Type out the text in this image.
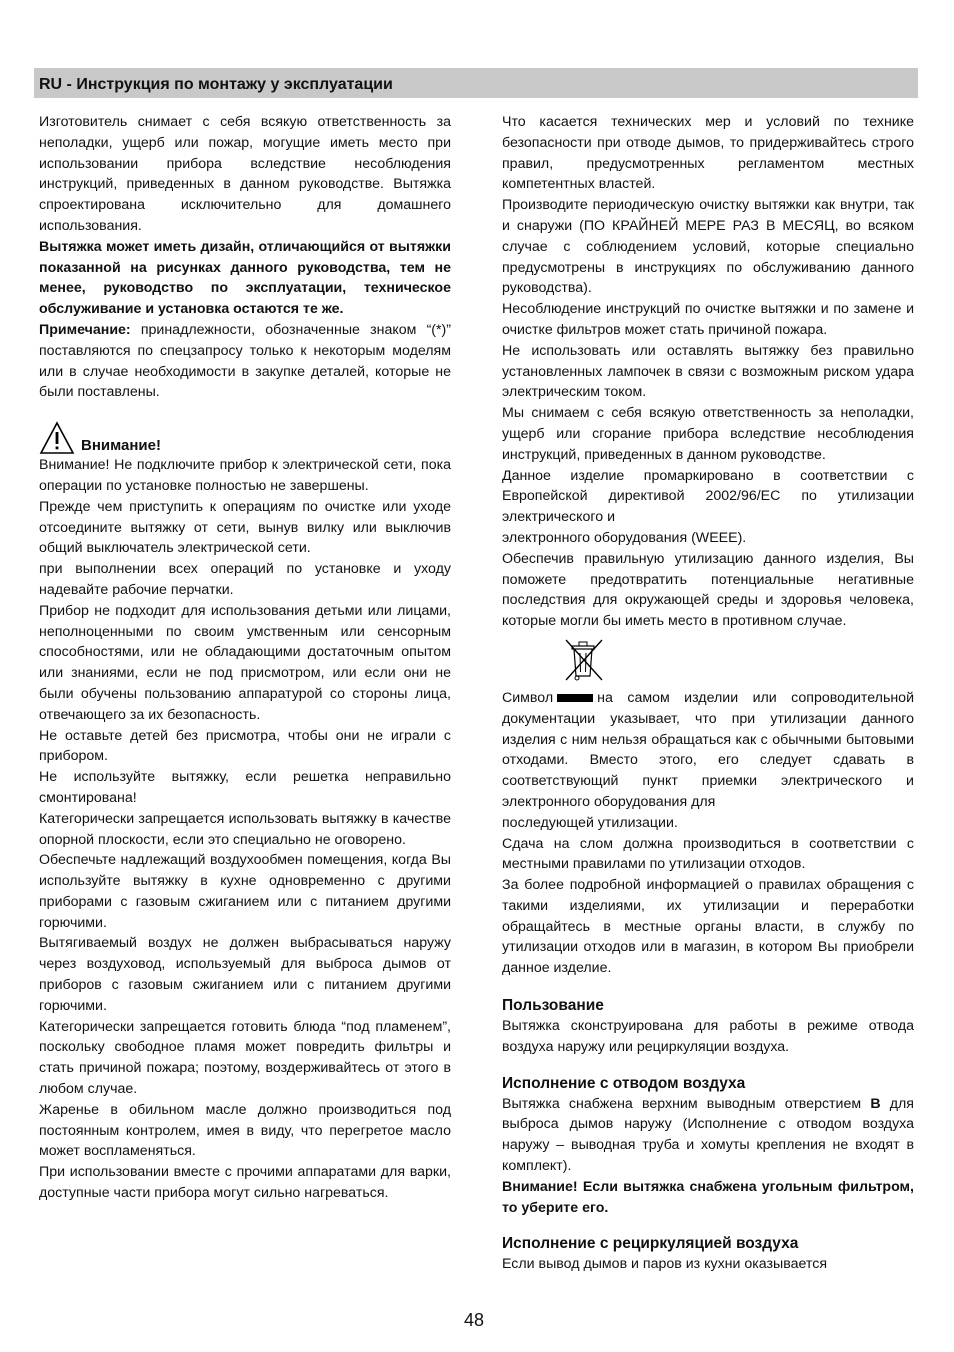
RU - Инструкция по монтажу у эксплуатации

Изготовитель снимает с себя всякую ответственность за неполадки, ущерб или пожар, могущие иметь место при использовании прибора вследствие несоблюдения инструкций, приведенных в данном руководстве. Вытяжка спроектирована исключительно для домашнего использования.

Вытяжка может иметь дизайн, отличающийся от вытяжки показанной на рисунках данного руководства, тем не менее, руководство по эксплуатации, техническое обслуживание и установка остаются те же.

Примечание: принадлежности, обозначенные знаком “(*)” поставляются по спецзапросу только к некоторым моделям или в случае необходимости в закупке деталей, которые не были поставлены.

Внимание!

Внимание! Не подключите прибор к электрической сети, пока операции по установке полностью не завершены.

Прежде чем приступить к операциям по очистке или уходе отсоедините вытяжку от сети, вынув вилку или выключив общий выключатель электрической сети.

при выполнении всех операций по установке и уходу надевайте рабочие перчатки.

Прибор не подходит для использования детьми или лицами, неполноценными по своим умственным или сенсорным способностями, или не обладающими достаточным опытом или знаниями, если не под присмотром, или если они не были обучены пользованию аппаратурой со стороны лица, отвечающего за их безопасность.

Не оставьте детей без присмотра, чтобы они не играли с прибором.

Не используйте вытяжку, если решетка неправильно смонтирована!

Категорически запрещается использовать вытяжку в качестве опорной плоскости, если это специально не оговорено.

Обеспечьте надлежащий воздухообмен помещения, когда Вы используйте вытяжку в кухне одновременно с другими приборами с газовым сжиганием или с питанием другими горючими.

Вытягиваемый воздух не должен выбрасываться наружу через воздуховод, используемый для выброса дымов от приборов с газовым сжиганием или с питанием другими горючими.

Категорически запрещается готовить блюда “под пламенем”, поскольку свободное пламя может повредить фильтры и стать причиной пожара; поэтому, воздерживайтесь от этого в любом случае.

Жаренье в обильном масле должно производиться под постоянным контролем, имея в виду, что перегретое масло может воспламеняться.

При использовании вместе с прочими аппаратами для варки, доступные части прибора могут сильно нагреваться.

Что касается технических мер и условий по технике безопасности при отводе дымов, то придерживайтесь строго правил, предусмотренных регламентом местных компетентных властей.

Производите периодическую очистку вытяжки как внутри, так и снаружи (ПО КРАЙНЕЙ МЕРЕ РАЗ В МЕСЯЦ, во всяком случае с соблюдением условий, которые специально предусмотрены в инструкциях по обслуживанию данного руководства).

Несоблюдение инструкций по очистке вытяжки и по замене и очистке фильтров может стать причиной пожара.

Не использовать или оставлять вытяжку без правильно установленных лампочек в связи с возможным риском удара электрическим током.

Мы снимаем с себя всякую ответственность за неполадки, ущерб или сгорание прибора вследствие несоблюдения инструкций, приведенных в данном руководстве.

Данное изделие промаркировано в соответствии с Европейской директивой 2002/96/EC по утилизации электрического и

электронного оборудования (WEEE).

Обеспечив правильную утилизацию данного изделия, Вы поможете предотвратить потенциальные негативные последствия для окружающей среды и здоровья человека, которые могли бы иметь место в противном случае.

Символ	на самом изделии или сопроводительной документации указывает, что при утилизации данного изделия с ним нельзя обращаться как с обычными бытовыми отходами. Вместо этого, его следует сдавать в соответствующий пункт приемки электрического и электронного оборудования для

последующей утилизации.

Сдача на слом должна производиться в соответствии с местными правилами по утилизации отходов.

За более подробной информацией о правилах обращения с такими изделиями, их утилизации и переработки обращайтесь в местные органы власти, в службу по утилизации отходов или в магазин, в котором Вы приобрели данное изделие.

Пользование

Вытяжка сконструирована для работы в режиме отвода воздуха наружу или рециркуляции воздуха.

Исполнение с отводом воздуха

Вытяжка снабжена верхним выводным отверстием B для выброса дымов наружу (Исполнение с отводом воздуха наружу – выводная труба и хомуты крепления не входят в комплект).

Внимание! Если вытяжка снабжена угольным фильтром, то уберите его.

Исполнение с рециркуляцией воздуха

Если вывод дымов и паров из кухни оказывается

48
